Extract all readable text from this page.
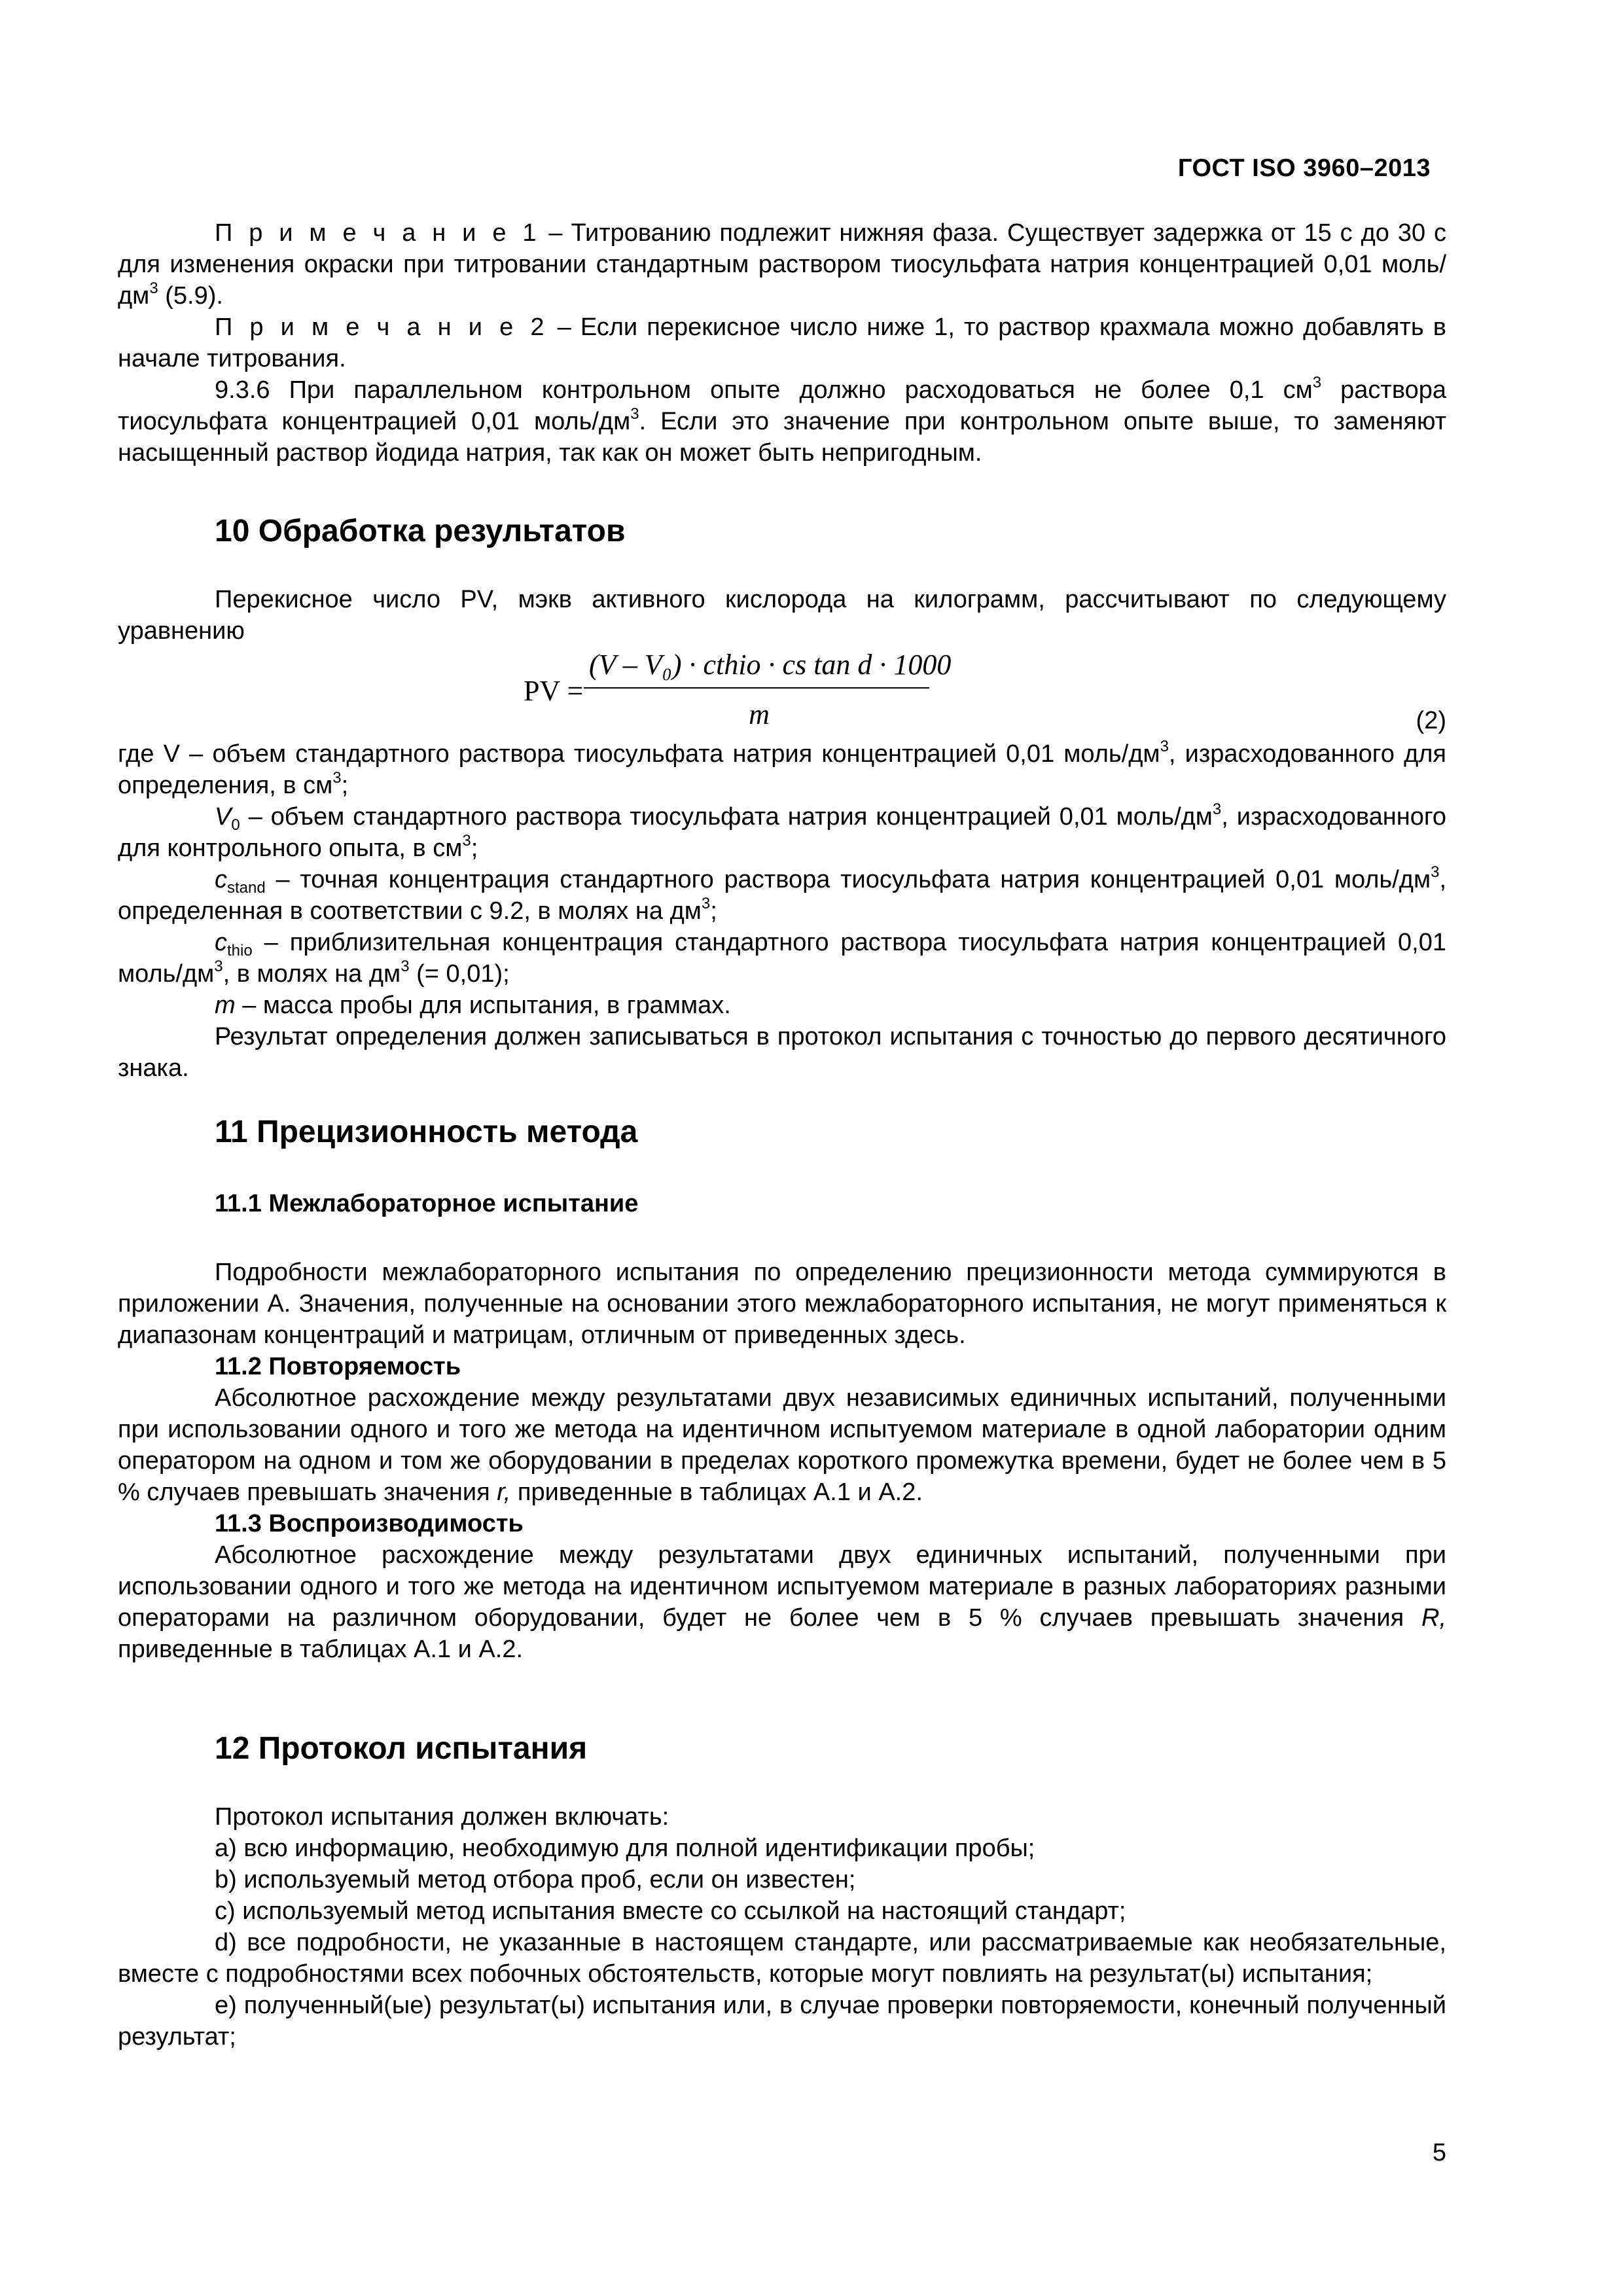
ГОСТ ISO 3960–2013

П р и м е ч а н и е 1 – Титрованию подлежит нижняя фаза. Существует задержка от 15 с до 30 с для изменения окраски при титровании стандартным раствором тиосульфата натрия концентрацией 0,01 моль/$дм^3$ (5.9).

П р и м е ч а н и е 2 – Если перекисное число ниже 1, то раствор крахмала можно добавлять в начале титрования.

9.3.6 При параллельном контрольном опыте должно расходоваться не более 0,1 $см^3$ раствора тиосульфата концентрацией 0,01 моль/$дм^3$. Если это значение при контрольном опыте выше, то заменяют насыщенный раствор йодида натрия, так как он может быть непригодным.

10 Обработка результатов

Перекисное число PV, мэкв активного кислорода на килограмм, рассчитывают по следующему уравнению

PV =
(V – V₀) · cthio · cs tan d · 1000
m	(2)

где V – объем стандартного раствора тиосульфата натрия концентрацией 0,01 моль/$дм^3$, израсходованного для определения, в $см^3$;

$V_0$ – объем стандартного раствора тиосульфата натрия концентрацией 0,01 моль/$дм^3$, израсходованного для контрольного опыта, в $см^3$;

$c_{stand}$ – точная концентрация стандартного раствора тиосульфата натрия концентрацией 0,01 моль/$дм^3$, определенная в соответствии с 9.2, в молях на $дм^3$;

$c_{thio}$ – приблизительная концентрация стандартного раствора тиосульфата натрия концентрацией 0,01 моль/$дм^3$, в молях на $дм^3$ (= 0,01);

m – масса пробы для испытания, в граммах.

Результат определения должен записываться в протокол испытания с точностью до первого десятичного знака.

11 Прецизионность метода
11.1 Межлабораторное испытание

Подробности межлабораторного испытания по определению прецизионности метода суммируются в приложении А. Значения, полученные на основании этого межлабораторного испытания, не могут применяться к диапазонам концентраций и матрицам, отличным от приведенных здесь.

11.2 Повторяемость

Абсолютное расхождение между результатами двух независимых единичных испытаний, полученными при использовании одного и того же метода на идентичном испытуемом материале в одной лаборатории одним оператором на одном и том же оборудовании в пределах короткого промежутка времени, будет не более чем в 5 % случаев превышать значения r, приведенные в таблицах А.1 и А.2.

11.3 Воспроизводимость

Абсолютное расхождение между результатами двух единичных испытаний, полученными при использовании одного и того же метода на идентичном испытуемом материале в разных лабораториях разными операторами на различном оборудовании, будет не более чем в 5 % случаев превышать значения R, приведенные в таблицах А.1 и А.2.

12 Протокол испытания

Протокол испытания должен включать:

а) всю информацию, необходимую для полной идентификации пробы;

b) используемый метод отбора проб, если он известен;

c) используемый метод испытания вместе со ссылкой на настоящий стандарт;

d) все подробности, не указанные в настоящем стандарте, или рассматриваемые как необязательные, вместе с подробностями всех побочных обстоятельств, которые могут повлиять на результат(ы) испытания;

е) полученный(ые) результат(ы) испытания или, в случае проверки повторяемости, конечный полученный результат;

5
